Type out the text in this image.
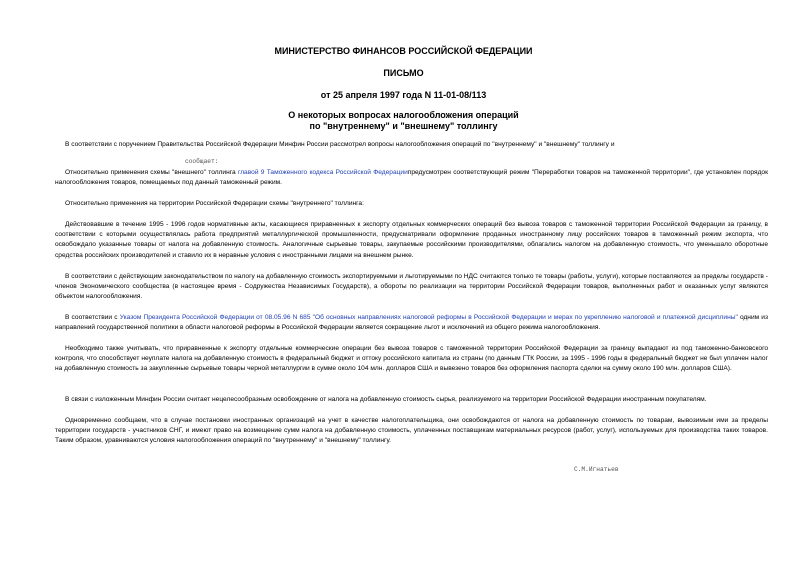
МИНИСТЕРСТВО ФИНАНСОВ РОССИЙСКОЙ ФЕДЕРАЦИИ
ПИСЬМО
от 25 апреля 1997 года N 11-01-08/113
О некоторых вопросах налогообложения операций
по "внутреннему" и "внешнему" толлингу
В соответствии с поручением Правительства Российской Федерации Минфин России рассмотрел вопросы налогообложения операций по "внутреннему" и "внешнему" толлингу и
сообщает:
Относительно применения схемы "внешнего" толлинга главой 9 Таможенного кодекса Российской Федерациипредусмотрен соответствующий режим "Переработки товаров на таможенной территории", где установлен порядок налогообложения товаров, помещаемых под данный таможенный режим.
Относительно применения на территории Российской Федерации схемы "внутреннего" толлинга:
Действовавшие в течение 1995 - 1996 годов нормативные акты, касающиеся приравненных к экспорту отдельных коммерческих операций без вывоза товаров с таможенной территории Российской Федерации за границу, в соответствии с которыми осуществлялась работа предприятий металлургической промышленности, предусматривали оформление проданных иностранному лицу российских товаров в таможенный режим экспорта, что освобождало указанные товары от налога на добавленную стоимость. Аналогичные сырьевые товары, закупаемые российскими производителями, облагались налогом на добавленную стоимость, что уменьшало оборотные средства российских производителей и ставило их в неравные условия с иностранными лицами на внешнем рынке.
В соответствии с действующим законодательством по налогу на добавленную стоимость экспортируемыми и льготируемыми по НДС считаются только те товары (работы, услуги), которые поставляются за пределы государств - членов Экономического сообщества (в настоящее время - Содружества Независимых Государств), а обороты по реализации на территории Российской Федерации товаров, выполненных работ и оказанных услуг являются объектом налогообложения.
В соответствии с Указом Президента Российской Федерации от 08.05.96 N 685 "Об основных направлениях налоговой реформы в Российской Федерации и мерах по укреплению налоговой и платежной дисциплины" одним из направлений государственной политики в области налоговой реформы в Российской Федерации является сокращение льгот и исключений из общего режима налогообложения.
Необходимо также учитывать, что приравненные к экспорту отдельные коммерческие операции без вывоза товаров с таможенной территории Российской Федерации за границу выпадают из под таможенно-банковского контроля, что способствует неуплате налога на добавленную стоимость в федеральный бюджет и оттоку российского капитала из страны (по данным ГТК России, за 1995 - 1996 годы в федеральный бюджет не был уплачен налог на добавленную стоимость за закупленные сырьевые товары черной металлургии в сумме около 104 млн. долларов США и вывезено товаров без оформления паспорта сделки на сумму около 190 млн. долларов США).
В связи с изложенным Минфин России считает нецелесообразным освобождение от налога на добавленную стоимость сырья, реализуемого на территории Российской Федерации иностранным покупателям.
Одновременно сообщаем, что в случае постановки иностранных организаций на учет в качестве налогоплательщика, они освобождаются от налога на добавленную стоимость по товарам, вывозимым ими за пределы территории государств - участников СНГ, и имеют право на возмещение сумм налога на добавленную стоимость, уплаченных поставщикам материальных ресурсов (работ, услуг), используемых для производства таких товаров. Таким образом, уравниваются условия налогообложения операций по "внутреннему" и "внешнему" толлингу.
С.М.Игнатьев
